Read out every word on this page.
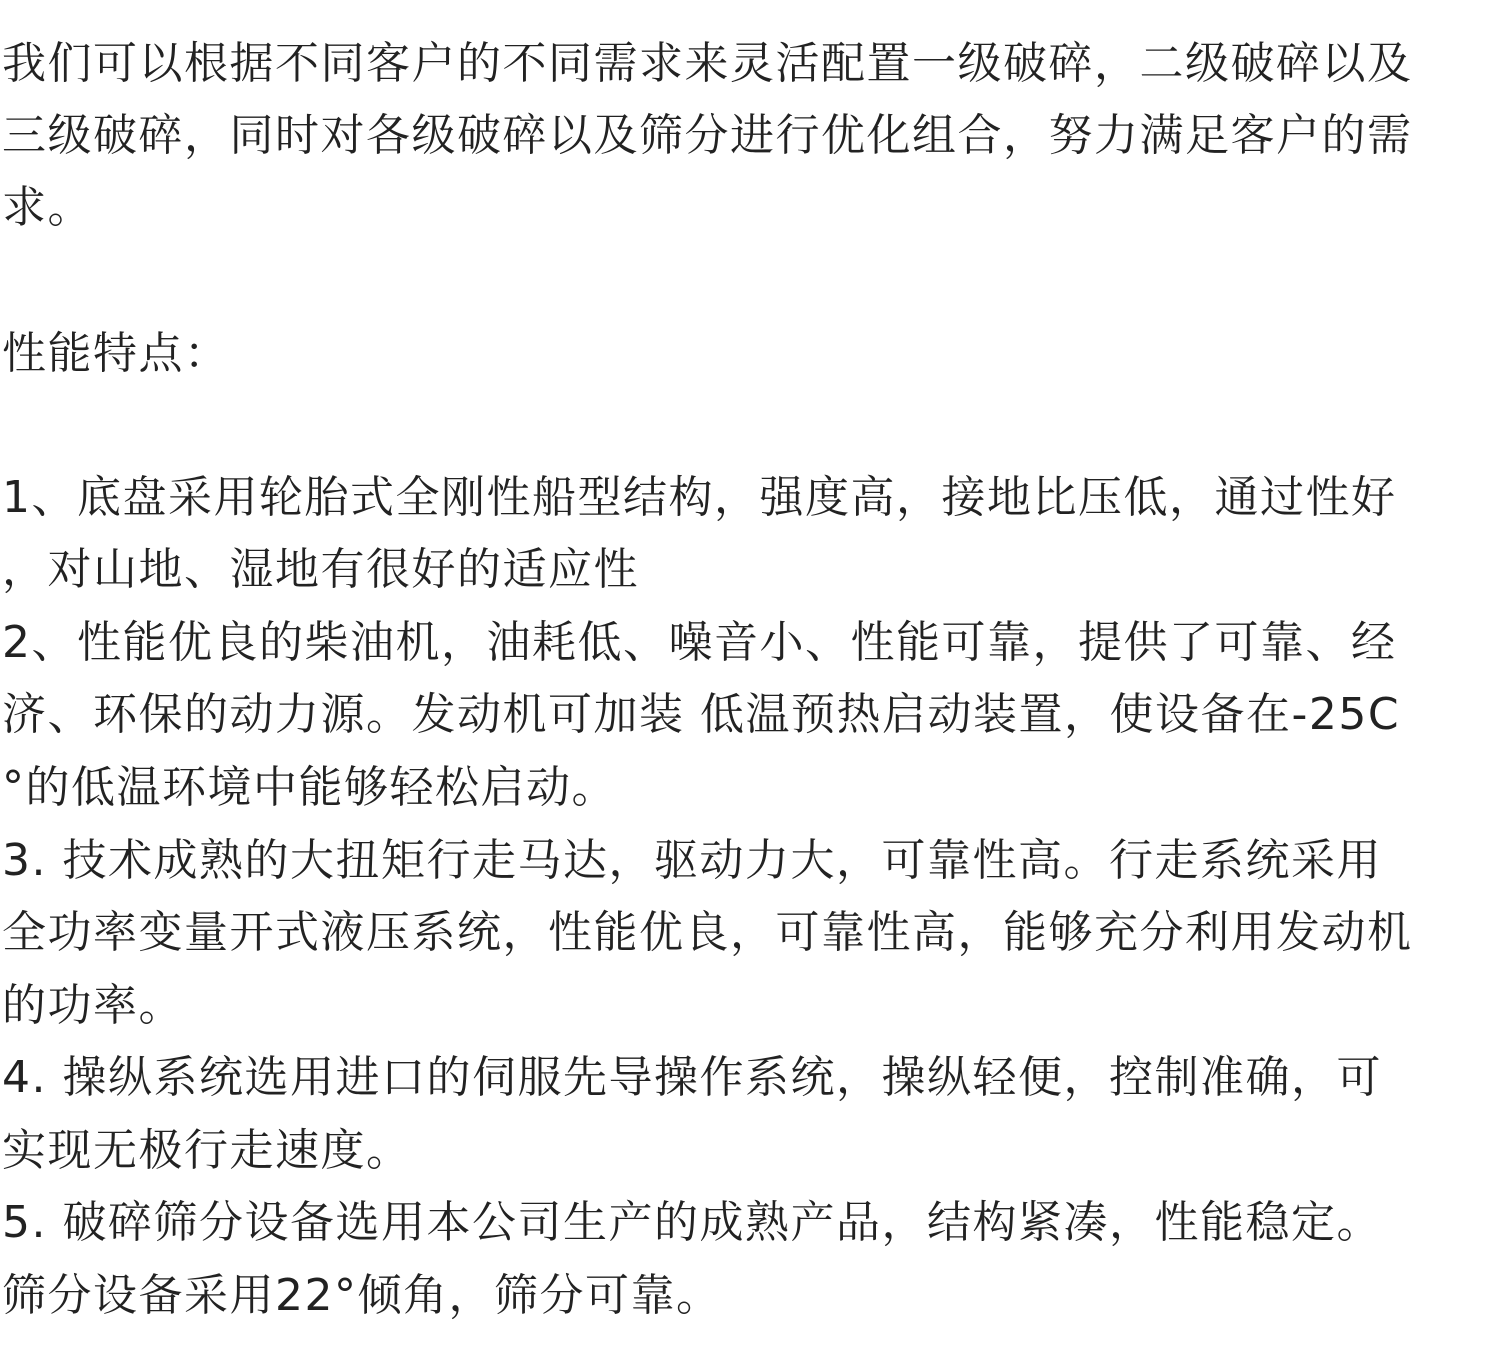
我们可以根据不同客户的不同需求来灵活配置一级破碎，二级破碎以及
三级破碎，同时对各级破碎以及筛分进行优化组合，努力满足客户的需
求。
性能特点：
1、底盘采用轮胎式全刚性船型结构，强度高，接地比压低，通过性好
，对山地、湿地有很好的适应性
2、性能优良的柴油机，油耗低、噪音小、性能可靠，提供了可靠、经
济、环保的动力源。发动机可加装 低温预热启动装置，使设备在-25C
°的低温环境中能够轻松启动。
3. 技术成熟的大扭矩行走马达，驱动力大，可靠性高。行走系统采用
全功率变量开式液压系统，性能优良，可靠性高，能够充分利用发动机
的功率。
4. 操纵系统选用进口的伺服先导操作系统，操纵轻便，控制准确，可
实现无极行走速度。
5. 破碎筛分设备选用本公司生产的成熟产品，结构紧凑，性能稳定。
筛分设备采用22°倾角，筛分可靠。
